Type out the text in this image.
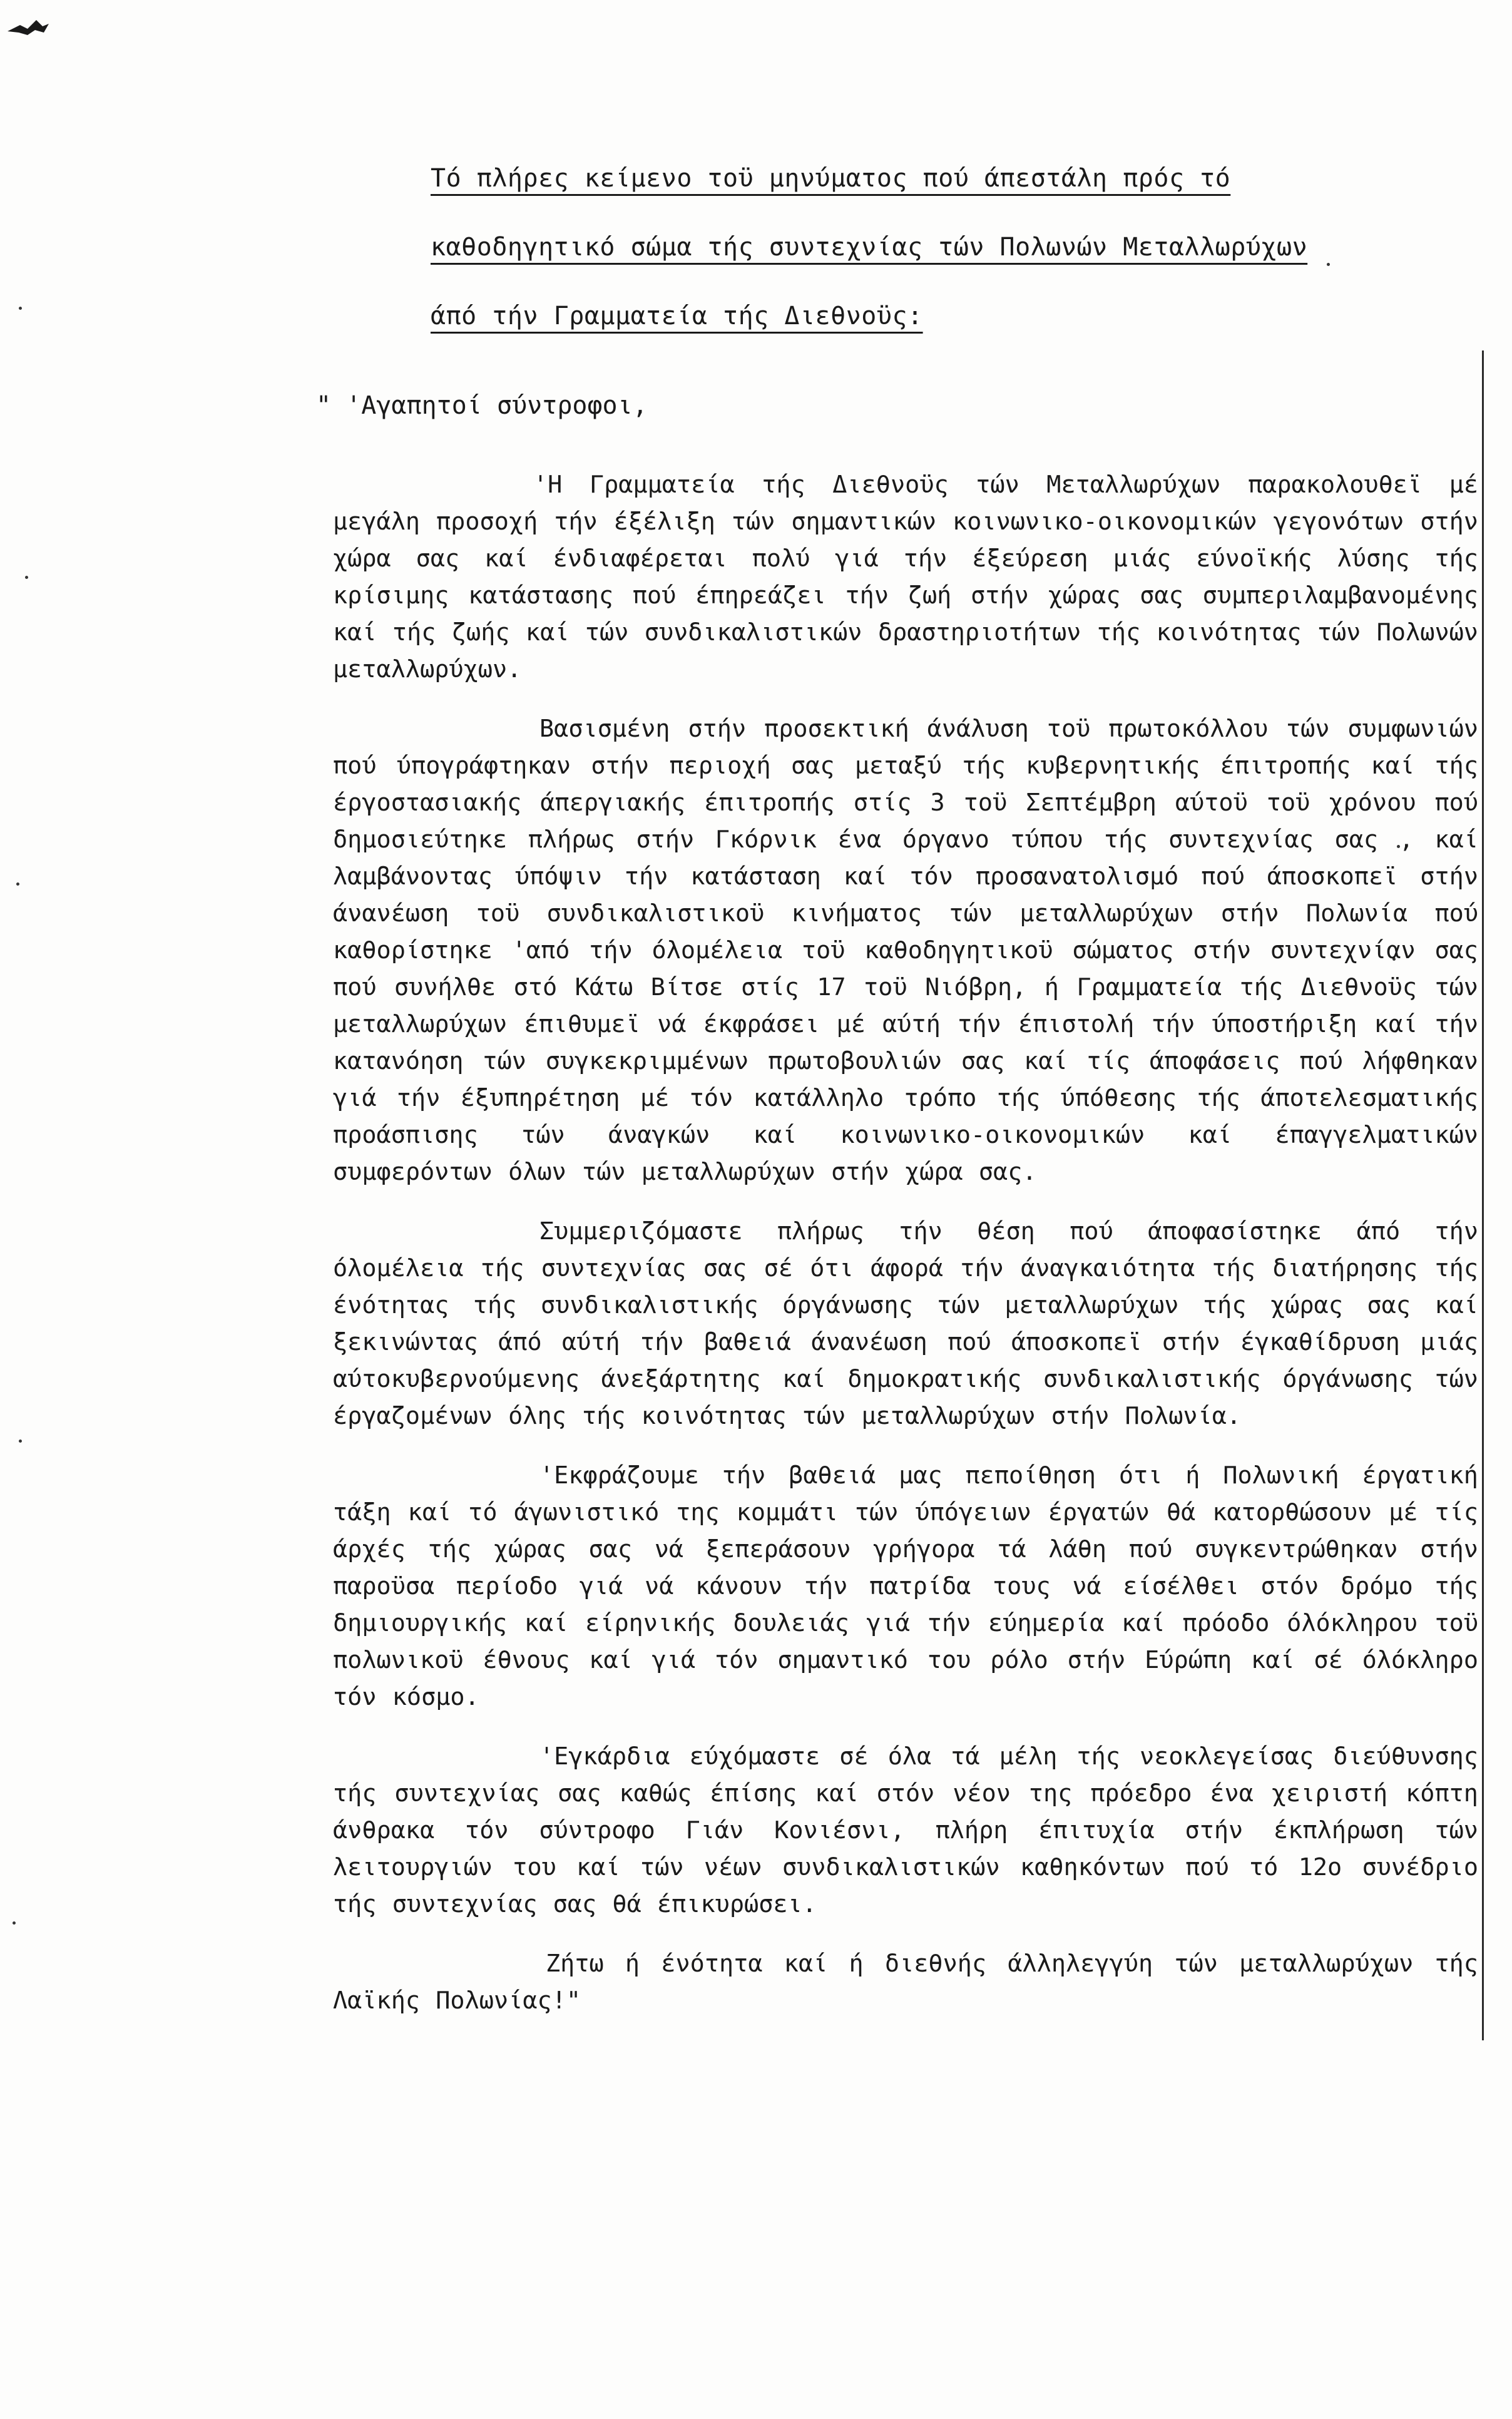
Τό πλήρες κείμενο τοϋ μηνύματος πού άπεστάλη πρός τό
καθοδηγητικό σώμα τής συντεχνίας τών Πολωνών Μεταλλωρύχων
άπό τήν Γραμματεία τής Διεθνοϋς:
" 'Αγαπητοί σύντροφοι,

'Η Γραμματεία τής Διεθνοϋς τών Μεταλλωρύχων παρακολουθεϊ μέ μεγάλη προσοχή τήν έξέλιξη τών σημαντικών κοινωνικο-οικονομικών γεγονότων στήν χώρα σας καί ένδιαφέρεται πολύ γιά τήν έξεύρεση μιάς εύνοϊκής λύσης τής κρίσιμης κατάστασης πού έπηρεάζει τήν ζωή στήν χώρας σας συμπεριλαμβανομένης καί τής ζωής καί τών συνδικαλιστικών δραστηριοτήτων τής κοινότητας τών Πολωνών μεταλλωρύχων.

Βασισμένη στήν προσεκτική άνάλυση τοϋ πρωτοκόλλου τών συμφωνιών πού ύπογράφτηκαν στήν περιοχή σας μεταξύ τής κυβερνητικής έπιτροπής καί τής έργοστασιακής άπεργιακής έπιτροπής στίς 3 τοϋ Σεπτέμβρη αύτοϋ τοϋ χρόνου πού δημοσιεύτηκε πλήρως στήν Γκόρνικ ένα όργανο τύπου τής συντεχνίας σας , καί λαμβάνοντας ύπόψιν τήν κατάσταση καί τόν προσανατολισμό πού άποσκοπεϊ στήν άνανέωση τοϋ συνδικαλιστικοϋ κινήματος τών μεταλλωρύχων στήν Πολωνία πού καθορίστηκε 'από τήν όλομέλεια τοϋ καθοδηγητικοϋ σώματος στήν συντεχνίαν σας πού συνήλθε στό Κάτω Βίτσε στίς 17 τοϋ Νιόβρη, ή Γραμματεία τής Διεθνοϋς τών μεταλλωρύχων έπιθυμεϊ νά έκφράσει μέ αύτή τήν έπιστολή τήν ύποστήριξη καί τήν κατανόηση τών συγκεκριμμένων πρωτοβουλιών σας καί τίς άποφάσεις πού λήφθηκαν γιά τήν έξυπηρέτηση μέ τόν κατάλληλο τρόπο τής ύπόθεσης τής άποτελεσματικής προάσπισης τών άναγκών καί κοινωνικο-οικονομικών καί έπαγγελματικών συμφερόντων όλων τών μεταλλωρύχων στήν χώρα σας.

Συμμεριζόμαστε πλήρως τήν θέση πού άποφασίστηκε άπό τήν όλομέλεια τής συντεχνίας σας σέ ότι άφορά τήν άναγκαιότητα τής διατήρησης τής ένότητας τής συνδικαλιστικής όργάνωσης τών μεταλλωρύχων τής χώρας σας καί ξεκινώντας άπό αύτή τήν βαθειά άνανέωση πού άποσκοπεϊ στήν έγκαθίδρυση μιάς αύτοκυβερνούμενης άνεξάρτητης καί δημοκρατικής συνδικαλιστικής όργάνωσης τών έργαζομένων όλης τής κοινότητας τών μεταλλωρύχων στήν Πολωνία.

'Εκφράζουμε τήν βαθειά μας πεποίθηση ότι ή Πολωνική έργατική τάξη καί τό άγωνιστικό της κομμάτι τών ύπόγειων έργατών θά κατορθώσουν μέ τίς άρχές τής χώρας σας νά ξεπεράσουν γρήγορα τά λάθη πού συγκεντρώθηκαν στήν παροϋσα περίοδο γιά νά κάνουν τήν πατρίδα τους νά είσέλθει στόν δρόμο τής δημιουργικής καί είρηνικής δουλειάς γιά τήν εύημερία καί πρόοδο όλόκληρου τοϋ πολωνικοϋ έθνους καί γιά τόν σημαντικό του ρόλο στήν Εύρώπη καί σέ όλόκληρο τόν κόσμο.

'Εγκάρδια εύχόμαστε σέ όλα τά μέλη τής νεοκλεγείσας διεύθυνσης τής συντεχνίας σας καθώς έπίσης καί στόν νέον της πρόεδρο ένα χειριστή κόπτη άνθρακα τόν σύντροφο Γιάν Κονιέσνι, πλήρη έπιτυχία στήν έκπλήρωση τών λειτουργιών του καί τών νέων συνδικαλιστικών καθηκόντων πού τό 12ο συνέδριο τής συντεχνίας σας θά έπικυρώσει.

Ζήτω ή ένότητα καί ή διεθνής άλληλεγγύη τών μεταλλωρύχων τής Λαϊκής Πολωνίας!"
